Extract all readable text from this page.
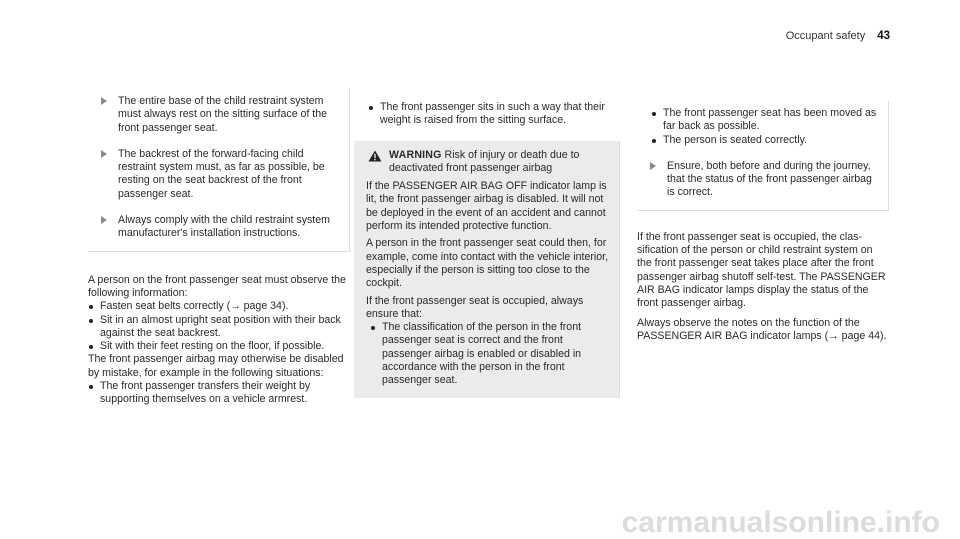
Occupant safety 43
The entire base of the child restraint system must always rest on the sitting surface of the front passenger seat.
The backrest of the forward-facing child restraint system must, as far as possible, be resting on the seat backrest of the front passenger seat.
Always comply with the child restraint system manufacturer's installation instructions.

A person on the front passenger seat must observe the following information:

Fasten seat belts correctly (→ page 34).
Sit in an almost upright seat position with their back against the seat backrest.
Sit with their feet resting on the floor, if possible.

The front passenger airbag may otherwise be disabled by mistake, for example in the following situations:

The front passenger transfers their weight by supporting themselves on a vehicle armrest.
The front passenger sits in such a way that their weight is raised from the sitting surface.
WARNING Risk of injury or death due to deactivated front passenger airbag

If the PASSENGER AIR BAG OFF indicator lamp is lit, the front passenger airbag is disabled. It will not be deployed in the event of an accident and cannot perform its intended protective function.

A person in the front passenger seat could then, for example, come into contact with the vehicle interior, especially if the person is sitting too close to the cockpit.

If the front passenger seat is occupied, always ensure that:

The classification of the person in the front passenger seat is correct and the front passenger airbag is enabled or disabled in accordance with the person in the front passenger seat.
The front passenger seat has been moved as far back as possible.
The person is seated correctly.
Ensure, both before and during the journey, that the status of the front passenger airbag is correct.

If the front passenger seat is occupied, the classification of the person or child restraint system on the front passenger seat takes place after the front passenger airbag shutoff self-test. The PASSENGER AIR BAG indicator lamps display the status of the front passenger airbag.

Always observe the notes on the function of the PASSENGER AIR BAG indicator lamps (→ page 44).

carmanualsonline.info
